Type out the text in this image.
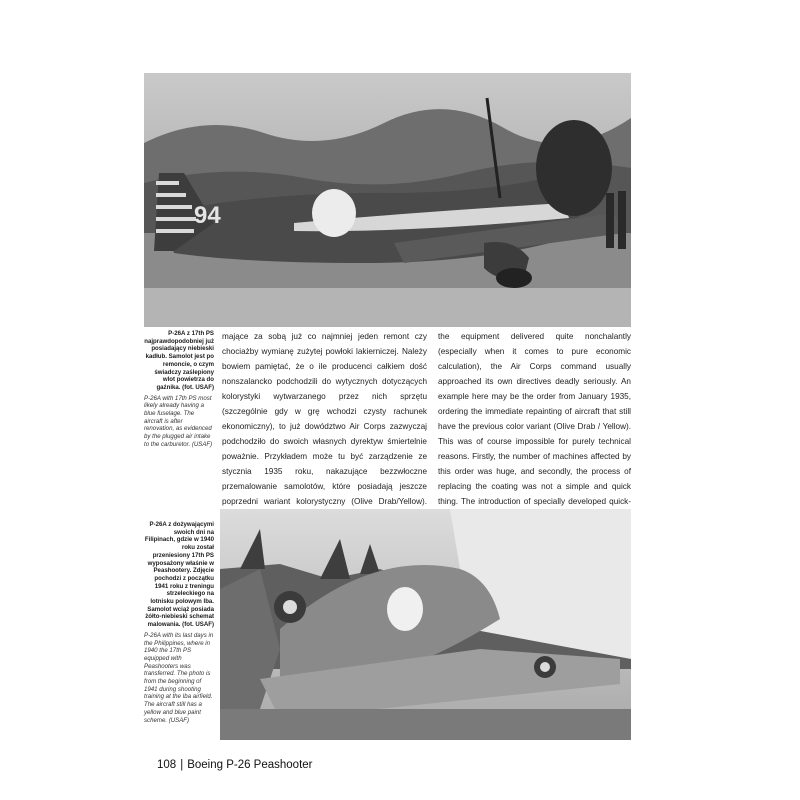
94
P-26A z 17th PS najprawdopodobniej już posiadający niebieski kadłub. Samolot jest po remoncie, o czym świadczy zaślepiony wlot powietrza do gaźnika. (fot. USAF)
P-26A with 17th PS most likely already having a blue fuselage. The aircraft is after renovation, as evidenced by the plugged air intake to the carburetor. (USAF)

mające za sobą już co najmniej jeden remont czy chociażby wymianę zużytej powłoki lakierniczej. Należy bowiem pamiętać, że o ile producenci całkiem dość nonszalancko podchodzili do wytycznych dotyczących kolorystyki wytwarzanego przez nich sprzętu (szczególnie gdy w grę wchodzi czysty rachunek ekonomiczny), to już dowództwo Air Corps zazwyczaj podchodziło do swoich własnych dyrektyw śmiertelnie poważnie. Przykładem może tu być zarządzenie ze stycznia 1935 roku, nakazujące bezzwłoczne przemalowanie samolotów, które posiadają jeszcze poprzedni wariant kolorystyczny (Olive Drab/Yellow).

the equipment delivered quite nonchalantly (especially when it comes to pure economic calculation), the Air Corps command usually approached its own directives deadly seriously. An example here may be the order from January 1935, ordering the immediate repainting of aircraft that still have the previous color variant (Olive Drab / Yellow). This was of course impossible for purely technical reasons. Firstly, the number of machines affected by this order was huge, and secondly, the process of replacing the coating was not a simple and quick thing. The introduction of specially developed quick-

P-26A z dożywającymi swoich dni na Filipinach, gdzie w 1940 roku został przeniesiony 17th PS wyposażony właśnie w Peashootery. Zdjęcie pochodzi z początku 1941 roku z treningu strzeleckiego na lotnisku polowym Iba. Samolot wciąż posiada żółto-niebieski schemat malowania. (fot. USAF)
P-26A with its last days in the Philippines, where in 1940 the 17th PS equipped with Peashooters was transferred. The photo is from the beginning of 1941 during shooting training at the Iba airfield. The aircraft still has a yellow and blue paint scheme. (USAF)
108 | Boeing P-26 Peashooter
